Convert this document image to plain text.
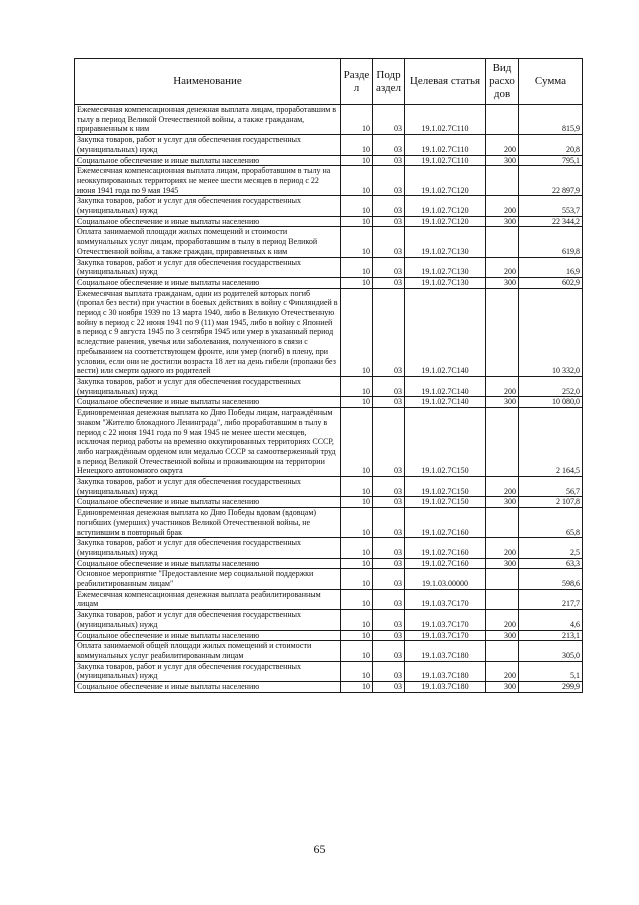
Наименование	Разде л	Подр аздел	Целевая статья	Вид расхо дов	Сумма

Ежемесячная компенсационная денежная выплата лицам, проработавшим в тылу в период Великой Отечественной войны, а также гражданам, приравненным к ним	10	03	19.1.02.7С110		815,9

Закупка товаров, работ и услуг для обеспечения государственных (муниципальных) нужд	10	03	19.1.02.7С110	200	20,8

Социальное обеспечение и иные выплаты населению	10	03	19.1.02.7С110	300	795,1

Ежемесячная компенсационная выплата лицам, проработавшим в тылу на неоккупированных территориях не менее шести месяцев в период с 22 июня 1941 года по 9 мая 1945	10	03	19.1.02.7С120		22 897,9

Закупка товаров, работ и услуг для обеспечения государственных (муниципальных) нужд	10	03	19.1.02.7С120	200	553,7

Социальное обеспечение и иные выплаты населению	10	03	19.1.02.7С120	300	22 344,2

Оплата занимаемой площади жилых помещений и стоимости коммунальных услуг лицам, проработавшим в тылу в период Великой Отечественной войны, а также граждан, приравненных к ним	10	03	19.1.02.7С130		619,8

Закупка товаров, работ и услуг для обеспечения государственных (муниципальных) нужд	10	03	19.1.02.7С130	200	16,9

Социальное обеспечение и иные выплаты населению	10	03	19.1.02.7С130	300	602,9

Ежемесячная выплата гражданам, один из родителей которых погиб (пропал без вести) при участии в боевых действиях в войну с Финляндией в период с 30 ноября 1939 по 13 марта 1940, либо в Великую Отечественную войну в период с 22 июня 1941 по 9 (11) мая 1945, либо в войну с Японией в период с 9 августа 1945 по 3 сентября 1945 или умер в указанный период вследствие ранения, увечья или заболевания, полученного в связи с пребыванием на соответствующем фронте, или умер (погиб) в плену, при условии, если они не достигли возраста 18 лет на день гибели (пропажи без вести) или смерти одного из родителей	10	03	19.1.02.7С140		10 332,0

Закупка товаров, работ и услуг для обеспечения государственных (муниципальных) нужд	10	03	19.1.02.7С140	200	252,0

Социальное обеспечение и иные выплаты населению	10	03	19.1.02.7С140	300	10 080,0

Единовременная денежная выплата ко Дню Победы лицам, награждённым знаком "Жителю блокадного Ленинграда", либо проработавшим в тылу в период с 22 июня 1941 года по 9 мая 1945 не менее шести месяцев, исключая период работы на временно оккупированных территориях СССР, либо награждённым орденом или медалью СССР за самоотверженный труд в период Великой Отечественной войны и проживающим на территории Ненецкого автономного округа	10	03	19.1.02.7С150		2 164,5

Закупка товаров, работ и услуг для обеспечения государственных (муниципальных) нужд	10	03	19.1.02.7С150	200	56,7

Социальное обеспечение и иные выплаты населению	10	03	19.1.02.7С150	300	2 107,8

Единовременная денежная выплата ко Дню Победы вдовам (вдовцам) погибших (умерших) участников Великой Отечественной войны, не вступившим в повторный брак	10	03	19.1.02.7С160		65,8

Закупка товаров, работ и услуг для обеспечения государственных (муниципальных) нужд	10	03	19.1.02.7С160	200	2,5

Социальное обеспечение и иные выплаты населению	10	03	19.1.02.7С160	300	63,3

Основное мероприятие "Предоставление мер социальной поддержки реабилитированным лицам"	10	03	19.1.03.00000		598,6

Ежемесячная компенсационная денежная выплата реабилитированным лицам	10	03	19.1.03.7С170		217,7

Закупка товаров, работ и услуг для обеспечения государственных (муниципальных) нужд	10	03	19.1.03.7С170	200	4,6

Социальное обеспечение и иные выплаты населению	10	03	19.1.03.7С170	300	213,1

Оплата занимаемой общей площади жилых помещений и стоимости коммунальных услуг реабилитированным лицам	10	03	19.1.03.7С180		305,0

Закупка товаров, работ и услуг для обеспечения государственных (муниципальных) нужд	10	03	19.1.03.7С180	200	5,1

Социальное обеспечение и иные выплаты населению	10	03	19.1.03.7С180	300	299,9
65
